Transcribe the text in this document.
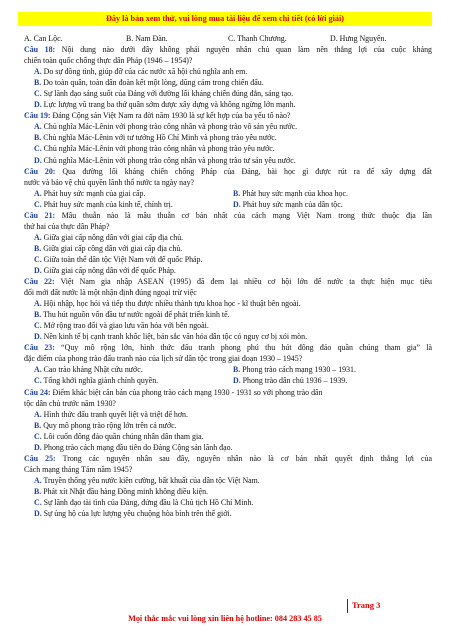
Đây là bản xem thử, vui lòng mua tài liệu để xem chi tiết (có lời giải)
A. Can Lộc.	B. Nam Đàn.	C. Thanh Chương.	D. Hưng Nguyên.
Câu 18: Nội dung nào dưới đây không phải nguyên nhân chủ quan làm nên thắng lợi của cuộc kháng
chiến toàn quốc chống thực dân Pháp (1946 – 1954)?
A. Do sự đồng tình, giúp đỡ của các nước xã hội chủ nghĩa anh em.
B. Do toàn quân, toàn dân đoàn kết một lòng, dũng cảm trong chiến đấu.
C. Sự lãnh đạo sáng suốt của Đảng với đường lối kháng chiến đúng đắn, sáng tạo.
D. Lực lượng vũ trang ba thứ quân sớm được xây dựng và không ngừng lớn mạnh.
Câu 19: Đảng Cộng sản Việt Nam ra đời năm 1930 là sự kết hợp của ba yếu tố nào?
A. Chủ nghĩa Mác-Lênin với phong trào công nhân và phong trào vô sản yêu nước.
B. Chủ nghĩa Mác-Lênin với tư tưởng Hồ Chí Minh và phong trào yêu nước.
C. Chủ nghĩa Mác-Lênin với phong trào công nhân và phong trào yêu nước.
D. Chủ nghĩa Mác-Lênin với phong trào công nhân và phong trào tư sản yêu nước.
Câu 20: Qua đường lối kháng chiến chống Pháp của Đảng, bài học gì được rút ra để xây dựng đất
nước và bảo vệ chủ quyền lãnh thổ nước ta ngày nay?
A. Phát huy sức mạnh của giai cấp.	B. Phát huy sức mạnh của khoa học.
C. Phát huy sức mạnh của kinh tế, chính trị.	D. Phát huy sức mạnh của dân tộc.
Câu 21: Mâu thuẫn nào là mâu thuẫn cơ bản nhất của cách mạng Việt Nam trong thức thuộc địa lần
thứ hai của thực dân Pháp?
A. Giữa giai cấp nông dân với giai cấp địa chủ.
B. Giữa giai cấp công dân với giai cấp địa chủ.
C. Giữa toàn thể dân tộc Việt Nam với đế quốc Pháp.
D. Giữa giai cấp nông dân với đế quốc Pháp.
Câu 22: Việt Nam gia nhập ASEAN (1995) đã đem lại nhiều cơ hội lớn để nước ta thực hiện mục tiêu
đổi mới đất nước là một nhận định đúng ngoại trừ việc
A. Hội nhập, học hỏi và tiếp thu được nhiều thành tựu khoa học - kĩ thuật bên ngoài.
B. Thu hút nguồn vốn đầu tư nước ngoài để phát triển kinh tế.
C. Mở rộng trao đổi và giao lưu văn hóa với bên ngoài.
D. Nền kinh tế bị cạnh tranh khốc liệt, bản sắc văn hóa dân tộc có nguy cơ bị xói mòn.
Câu 23: “Quy mô rộng lớn, hình thức đấu tranh phong phú thu hút đông đảo quần chúng tham gia” là
đặc điểm của phong trào đấu tranh nào của lịch sử dân tộc trong giai đoạn 1930 – 1945?
A. Cao trào kháng Nhật cứu nước.	B. Phong trào cách mạng 1930 – 1931.
C. Tổng khởi nghĩa giành chính quyền.	D. Phong trào dân chủ 1936 – 1939.
Câu 24: Điểm khác biệt căn bản của phong trào cách mạng 1930 - 1931 so với phong trào dân
tộc dân chủ trước năm 1930?
A. Hình thức đấu tranh quyết liệt và triệt để hơn.
B. Quy mô phong trào rộng lớn trên cả nước.
C. Lôi cuốn đông đảo quần chúng nhân dân tham gia.
D. Phong trào cách mạng đầu tiên do Đảng Cộng sản lãnh đạo.
Câu 25: Trong các nguyên nhân sau đây, nguyên nhân nào là cơ bản nhất quyết định thắng lợi của
Cách mạng tháng Tám năm 1945?
A. Truyền thống yêu nước kiên cường, bất khuất của dân tộc Việt Nam.
B. Phát xít Nhật đầu hàng Đồng minh không điều kiện.
C. Sự lãnh đạo tài tình của Đảng, đứng đầu là Chủ tịch Hồ Chí Minh.
D. Sự ủng hộ của lực lượng yêu chuộng hòa bình trên thế giới.
Trang 3
Mọi thắc mắc vui lòng xin liên hệ hotline: 084 283 45 85
